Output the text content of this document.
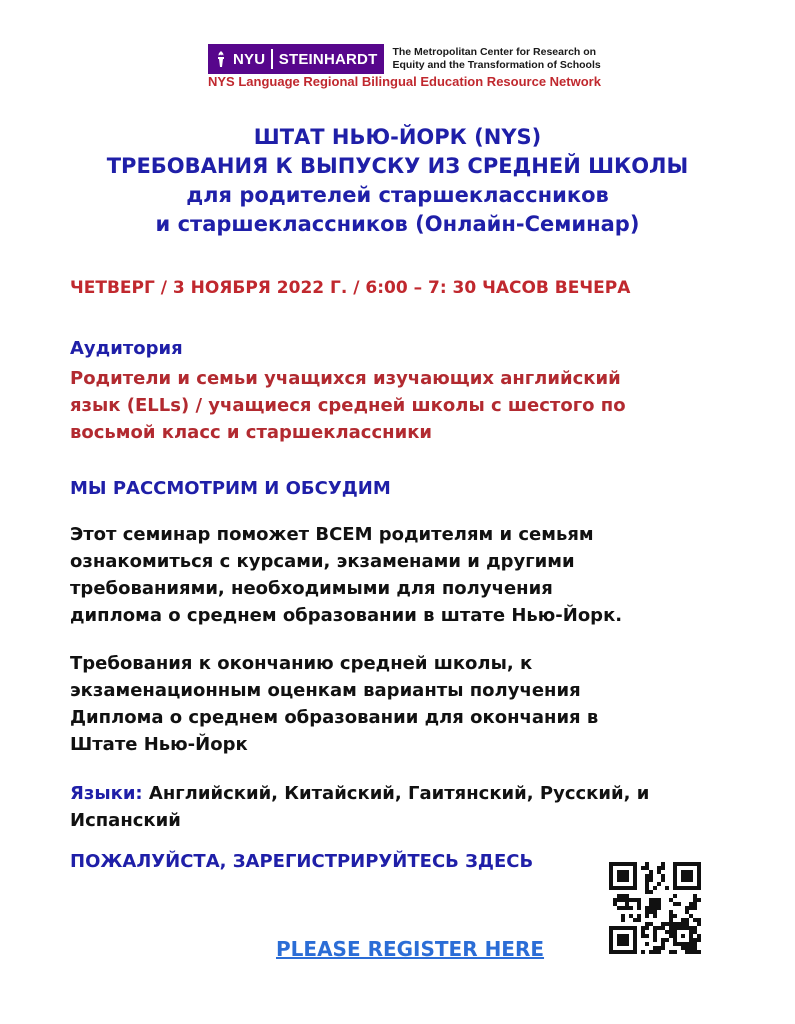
NYU STEINHARDT The Metropolitan Center for Research on
Equity and the Transformation of Schools
NYS Language Regional Bilingual Education Resource Network
ШТАТ НЬЮ-ЙОРК (NYS)
ТРЕБОВАНИЯ К ВЫПУСКУ ИЗ СРЕДНЕЙ ШКОЛЫ
для родителей старшеклассников
и старшеклассников (Онлайн-Семинар)
ЧЕТВЕРГ / 3 НОЯБРЯ 2022 Г. / 6:00 – 7: 30 ЧАСОВ ВЕЧЕРА
Аудитория
Родители и семьи учащихся изучающих английский
язык (ELLs) / учащиеся средней школы с шестого по
восьмой класс и старшеклассники
МЫ РАССМОТРИМ И ОБСУДИМ
Этот семинар поможет ВСЕМ родителям и семьям
ознакомиться с курсами, экзаменами и другими
требованиями, необходимыми для получения
диплома о среднем образовании в штате Нью-Йорк.
Требования к окончанию средней школы, к
экзаменационным оценкам варианты получения
Диплома о среднем образовании для окончания в
Штате Нью-Йорк
Языки: Английский, Китайский, Гаитянский, Русский, и
Испанский
ПОЖАЛУЙСТА, ЗАРЕГИСТРИРУЙТЕСЬ ЗДЕСЬ
PLEASE REGISTER HERE
